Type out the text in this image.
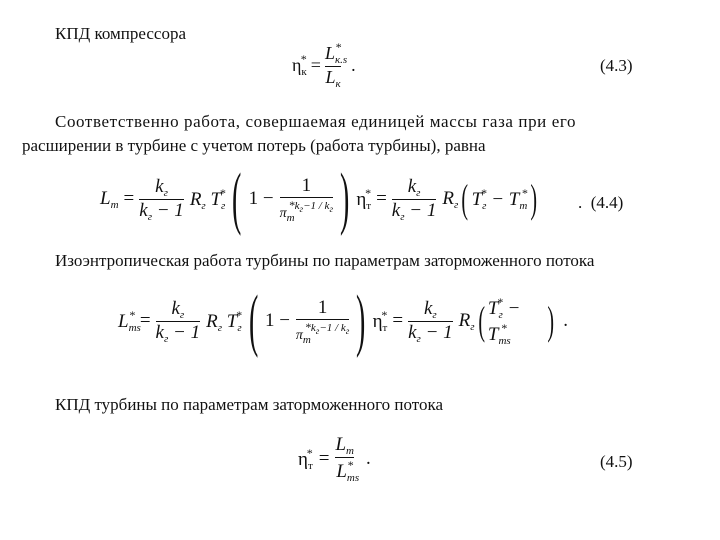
КПД компрессора
$\eta_к^* = \frac{L_{к.s}^*}{L_к}$ .	(4.3)
Соответственно работа, совершаемая единицей массы газа при его
расширении в турбине с учетом потерь (работа турбины), равна
$L_т = \frac{k_г}{k_г - 1} R_г$ $T_г^*$ ( $1 - \frac{1}{\pi_т*^{k_г-1 / k_г}}$ ) $\eta_т^* = \frac{k_г}{k_г - 1} R_г$ ( $T_г^* - T_т^*$ ) .  (4.4)
Изоэнтропическая работа турбины по параметрам заторможенного потока
$L_{тs}^* = \frac{k_г}{k_г - 1} R_г$ $T_г^*$ ( $1 - \frac{1}{\pi_т*^{k_г-1 / k_г}}$ ) $\eta_т^* = \frac{k_г}{k_г - 1} R_г$ ( $T_г^* - T_{тs}^*$	) .
КПД турбины по параметрам заторможенного потока
$\eta_т^* = \frac{L_т}{L_{тs}^*}$ .	(4.5)
